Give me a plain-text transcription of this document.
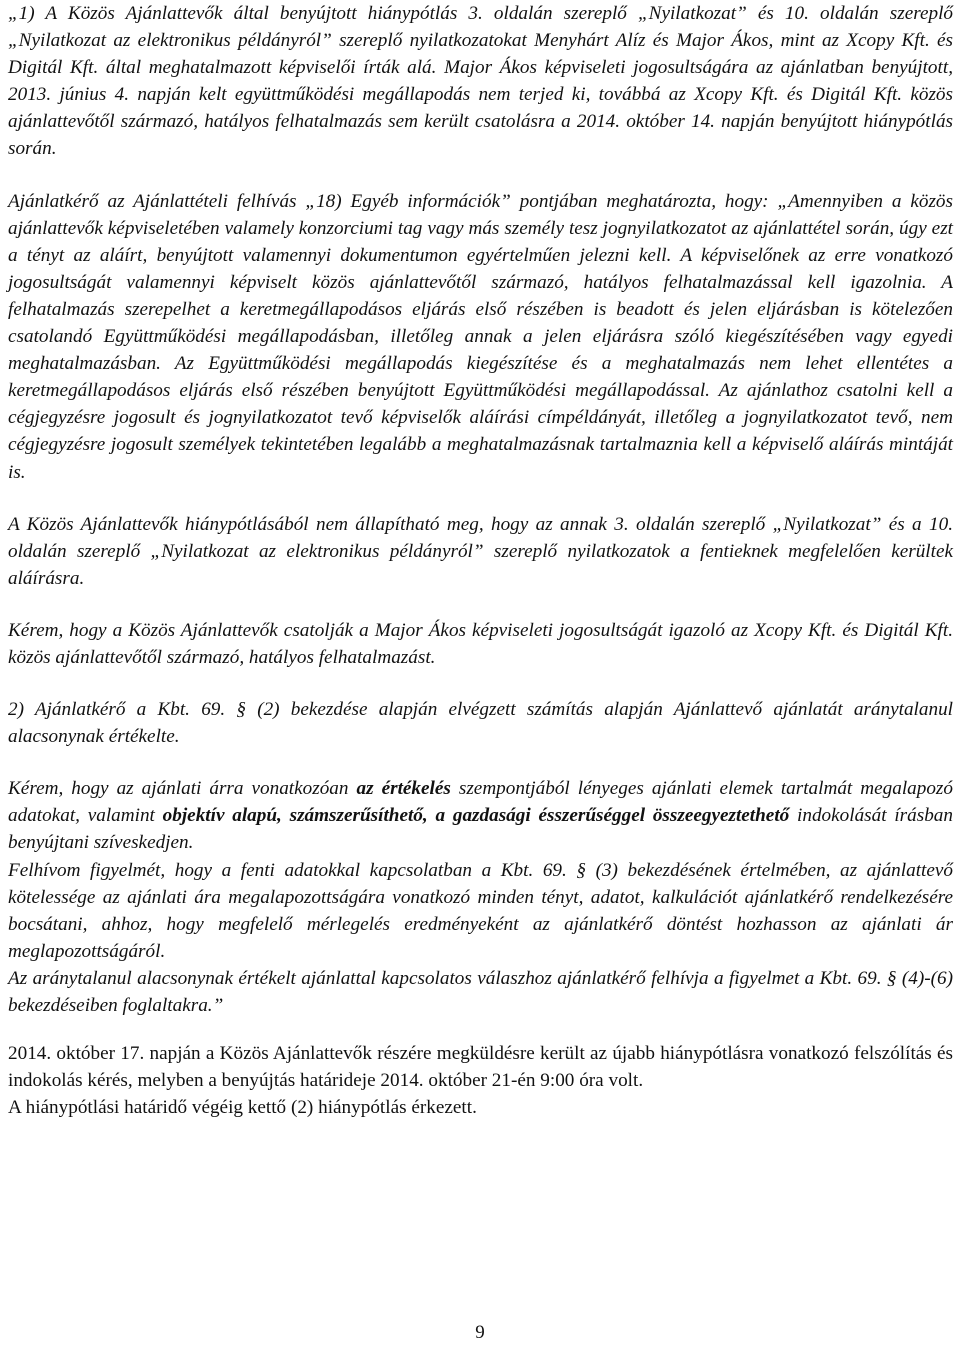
„1) A Közös Ajánlattevők által benyújtott hiánypótlás 3. oldalán szereplő „Nyilatkozat” és 10. oldalán szereplő „Nyilatkozat az elektronikus példányról” szereplő nyilatkozatokat Menyhárt Alíz és Major Ákos, mint az Xcopy Kft. és Digitál Kft. által meghatalmazott képviselői írták alá. Major Ákos képviseleti jogosultságára az ajánlatban benyújtott, 2013. június 4. napján kelt együttműködési megállapodás nem terjed ki, továbbá az Xcopy Kft. és Digitál Kft. közös ajánlattevőtől származó, hatályos felhatalmazás sem került csatolásra a 2014. október 14. napján benyújtott hiánypótlás során.

Ajánlatkérő az Ajánlattételi felhívás „18) Egyéb információk” pontjában meghatározta, hogy: „Amennyiben a közös ajánlattevők képviseletében valamely konzorciumi tag vagy más személy tesz jognyilatkozatot az ajánlattétel során, úgy ezt a tényt az aláírt, benyújtott valamennyi dokumentumon egyértelműen jelezni kell. A képviselőnek az erre vonatkozó jogosultságát valamennyi képviselt közös ajánlattevőtől származó, hatályos felhatalmazással kell igazolnia. A felhatalmazás szerepelhet a keretmegállapodásos eljárás első részében is beadott és jelen eljárásban is kötelezően csatolandó Együttműködési megállapodásban, illetőleg annak a jelen eljárásra szóló kiegészítésében vagy egyedi meghatalmazásban. Az Együttműködési megállapodás kiegészítése és a meghatalmazás nem lehet ellentétes a keretmegállapodásos eljárás első részében benyújtott Együttműködési megállapodással. Az ajánlathoz csatolni kell a cégjegyzésre jogosult és jognyilatkozatot tevő képviselők aláírási címpéldányát, illetőleg a jognyilatkozatot tevő, nem cégjegyzésre jogosult személyek tekintetében legalább a meghatalmazásnak tartalmaznia kell a képviselő aláírás mintáját is.

A Közös Ajánlattevők hiánypótlásából nem állapítható meg, hogy az annak 3. oldalán szereplő „Nyilatkozat” és a 10. oldalán szereplő „Nyilatkozat az elektronikus példányról” szereplő nyilatkozatok a fentieknek megfelelően kerültek aláírásra.

Kérem, hogy a Közös Ajánlattevők csatolják a Major Ákos képviseleti jogosultságát igazoló az Xcopy Kft. és Digitál Kft. közös ajánlattevőtől származó, hatályos felhatalmazást.

2) Ajánlatkérő a Kbt. 69. § (2) bekezdése alapján elvégzett számítás alapján Ajánlattevő ajánlatát aránytalanul alacsonynak értékelte.

Kérem, hogy az ajánlati árra vonatkozóan az értékelés szempontjából lényeges ajánlati elemek tartalmát megalapozó adatokat, valamint objektív alapú, számszerűsíthető, a gazdasági ésszerűséggel összeegyeztethető indokolását írásban benyújtani szíveskedjen.

Felhívom figyelmét, hogy a fenti adatokkal kapcsolatban a Kbt. 69. § (3) bekezdésének értelmében, az ajánlattevő kötelessége az ajánlati ára megalapozottságára vonatkozó minden tényt, adatot, kalkulációt ajánlatkérő rendelkezésére bocsátani, ahhoz, hogy megfelelő mérlegelés eredményeként az ajánlatkérő döntést hozhasson az ajánlati ár meglapozottságáról.

Az aránytalanul alacsonynak értékelt ajánlattal kapcsolatos válaszhoz ajánlatkérő felhívja a figyelmet a Kbt. 69. § (4)-(6) bekezdéseiben foglaltakra.”

2014. október 17. napján a Közös Ajánlattevők részére megküldésre került az újabb hiánypótlásra vonatkozó felszólítás és indokolás kérés, melyben a benyújtás határideje 2014. október 21-én 9:00 óra volt.

A hiánypótlási határidő végéig kettő (2) hiánypótlás érkezett.

9
